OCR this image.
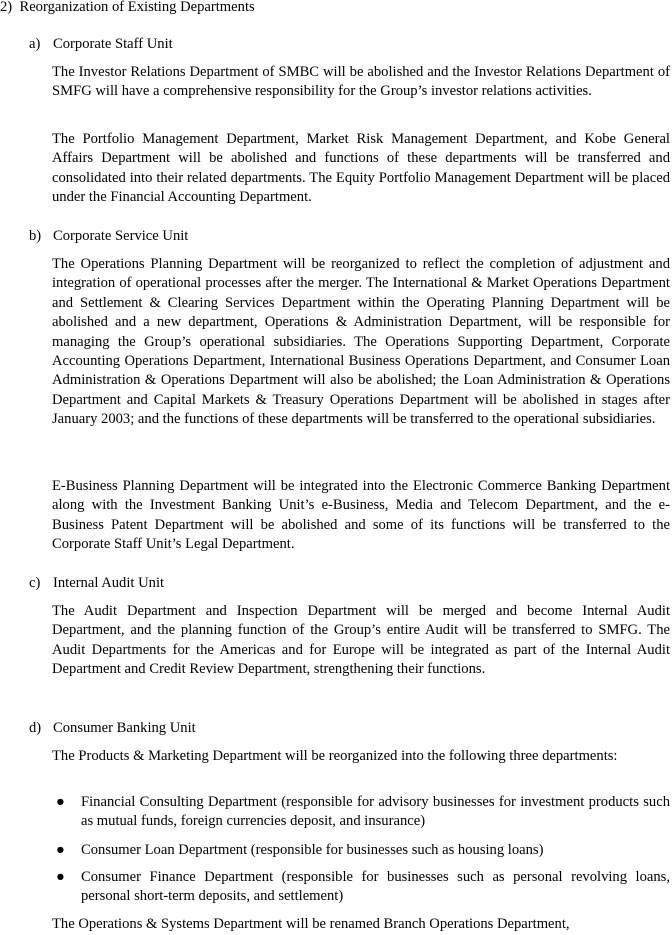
2) Reorganization of Existing Departments
a) Corporate Staff Unit
The Investor Relations Department of SMBC will be abolished and the Investor Relations Department of SMFG will have a comprehensive responsibility for the Group’s investor relations activities.
The Portfolio Management Department, Market Risk Management Department, and Kobe General Affairs Department will be abolished and functions of these departments will be transferred and consolidated into their related departments. The Equity Portfolio Management Department will be placed under the Financial Accounting Department.
b) Corporate Service Unit
The Operations Planning Department will be reorganized to reflect the completion of adjustment and integration of operational processes after the merger. The International & Market Operations Department and Settlement & Clearing Services Department within the Operating Planning Department will be abolished and a new department, Operations & Administration Department, will be responsible for managing the Group’s operational subsidiaries. The Operations Supporting Department, Corporate Accounting Operations Department, International Business Operations Department, and Consumer Loan Administration & Operations Department will also be abolished; the Loan Administration & Operations Department and Capital Markets & Treasury Operations Department will be abolished in stages after January 2003; and the functions of these departments will be transferred to the operational subsidiaries.
E-Business Planning Department will be integrated into the Electronic Commerce Banking Department along with the Investment Banking Unit’s e-Business, Media and Telecom Department, and the e-Business Patent Department will be abolished and some of its functions will be transferred to the Corporate Staff Unit’s Legal Department.
c) Internal Audit Unit
The Audit Department and Inspection Department will be merged and become Internal Audit Department, and the planning function of the Group’s entire Audit will be transferred to SMFG. The Audit Departments for the Americas and for Europe will be integrated as part of the Internal Audit Department and Credit Review Department, strengthening their functions.
d) Consumer Banking Unit
The Products & Marketing Department will be reorganized into the following three departments:
● Financial Consulting Department (responsible for advisory businesses for investment products such as mutual funds, foreign currencies deposit, and insurance)
● Consumer Loan Department (responsible for businesses such as housing loans)
● Consumer Finance Department (responsible for businesses such as personal revolving loans, personal short-term deposits, and settlement)
The Operations & Systems Department will be renamed Branch Operations Department,
